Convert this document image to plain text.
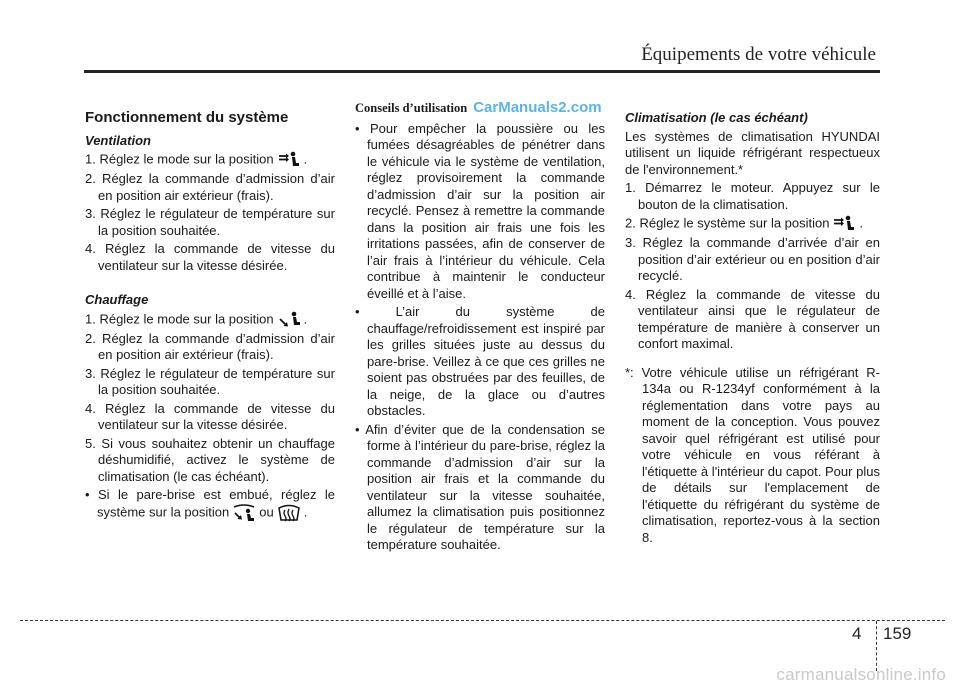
Équipements de votre véhicule
Fonctionnement du système
Ventilation
1. Réglez le mode sur la position .
2. Réglez la commande d’admission d’air en position air extérieur (frais).
3. Réglez le régulateur de température sur la position souhaitée.
4. Réglez la commande de vitesse du ventilateur sur la vitesse désirée.
Chauffage
1. Réglez le mode sur la position .
2. Réglez la commande d’admission d’air en position air extérieur (frais).
3. Réglez le régulateur de température sur la position souhaitée.
4. Réglez la commande de vitesse du ventilateur sur la vitesse désirée.
5. Si vous souhaitez obtenir un chauffage déshumidifié, activez le système de climatisation (le cas échéant).
• Si le pare-brise est embué, réglez le système sur la position ou .
Conseils d’utilisation CarManuals2.com
• Pour empêcher la poussière ou les fumées désagréables de pénétrer dans le véhicule via le système de ventilation, réglez provisoirement la commande d’admission d’air sur la position air recyclé. Pensez à remettre la commande dans la position air frais une fois les irritations passées, afin de conserver de l’air frais à l’intérieur du véhicule. Cela contribue à maintenir le conducteur éveillé et à l’aise.
• L’air du système de chauffage/refroidissement est inspiré par les grilles situées juste au dessus du pare-brise. Veillez à ce que ces grilles ne soient pas obstruées par des feuilles, de la neige, de la glace ou d’autres obstacles.
• Afin d’éviter que de la condensation se forme à l’intérieur du pare-brise, réglez la commande d’admission d’air sur la position air frais et la commande du ventilateur sur la vitesse souhaitée, allumez la climatisation puis positionnez le régulateur de température sur la température souhaitée.
Climatisation (le cas échéant)
Les systèmes de climatisation HYUNDAI utilisent un liquide réfrigérant respectueux de l'environnement.*
1. Démarrez le moteur. Appuyez sur le bouton de la climatisation.
2. Réglez le système sur la position .
3. Réglez la commande d’arrivée d’air en position d’air extérieur ou en position d’air recyclé.
4. Réglez la commande de vitesse du ventilateur ainsi que le régulateur de température de manière à conserver un confort maximal.
*: Votre véhicule utilise un réfrigérant R-134a ou R-1234yf conformément à la réglementation dans votre pays au moment de la conception. Vous pouvez savoir quel réfrigérant est utilisé pour votre véhicule en vous référant à l'étiquette à l'intérieur du capot. Pour plus de détails sur l'emplacement de l'étiquette du réfrigérant du système de climatisation, reportez-vous à la section 8.
4 159
carmanualsonline.info
